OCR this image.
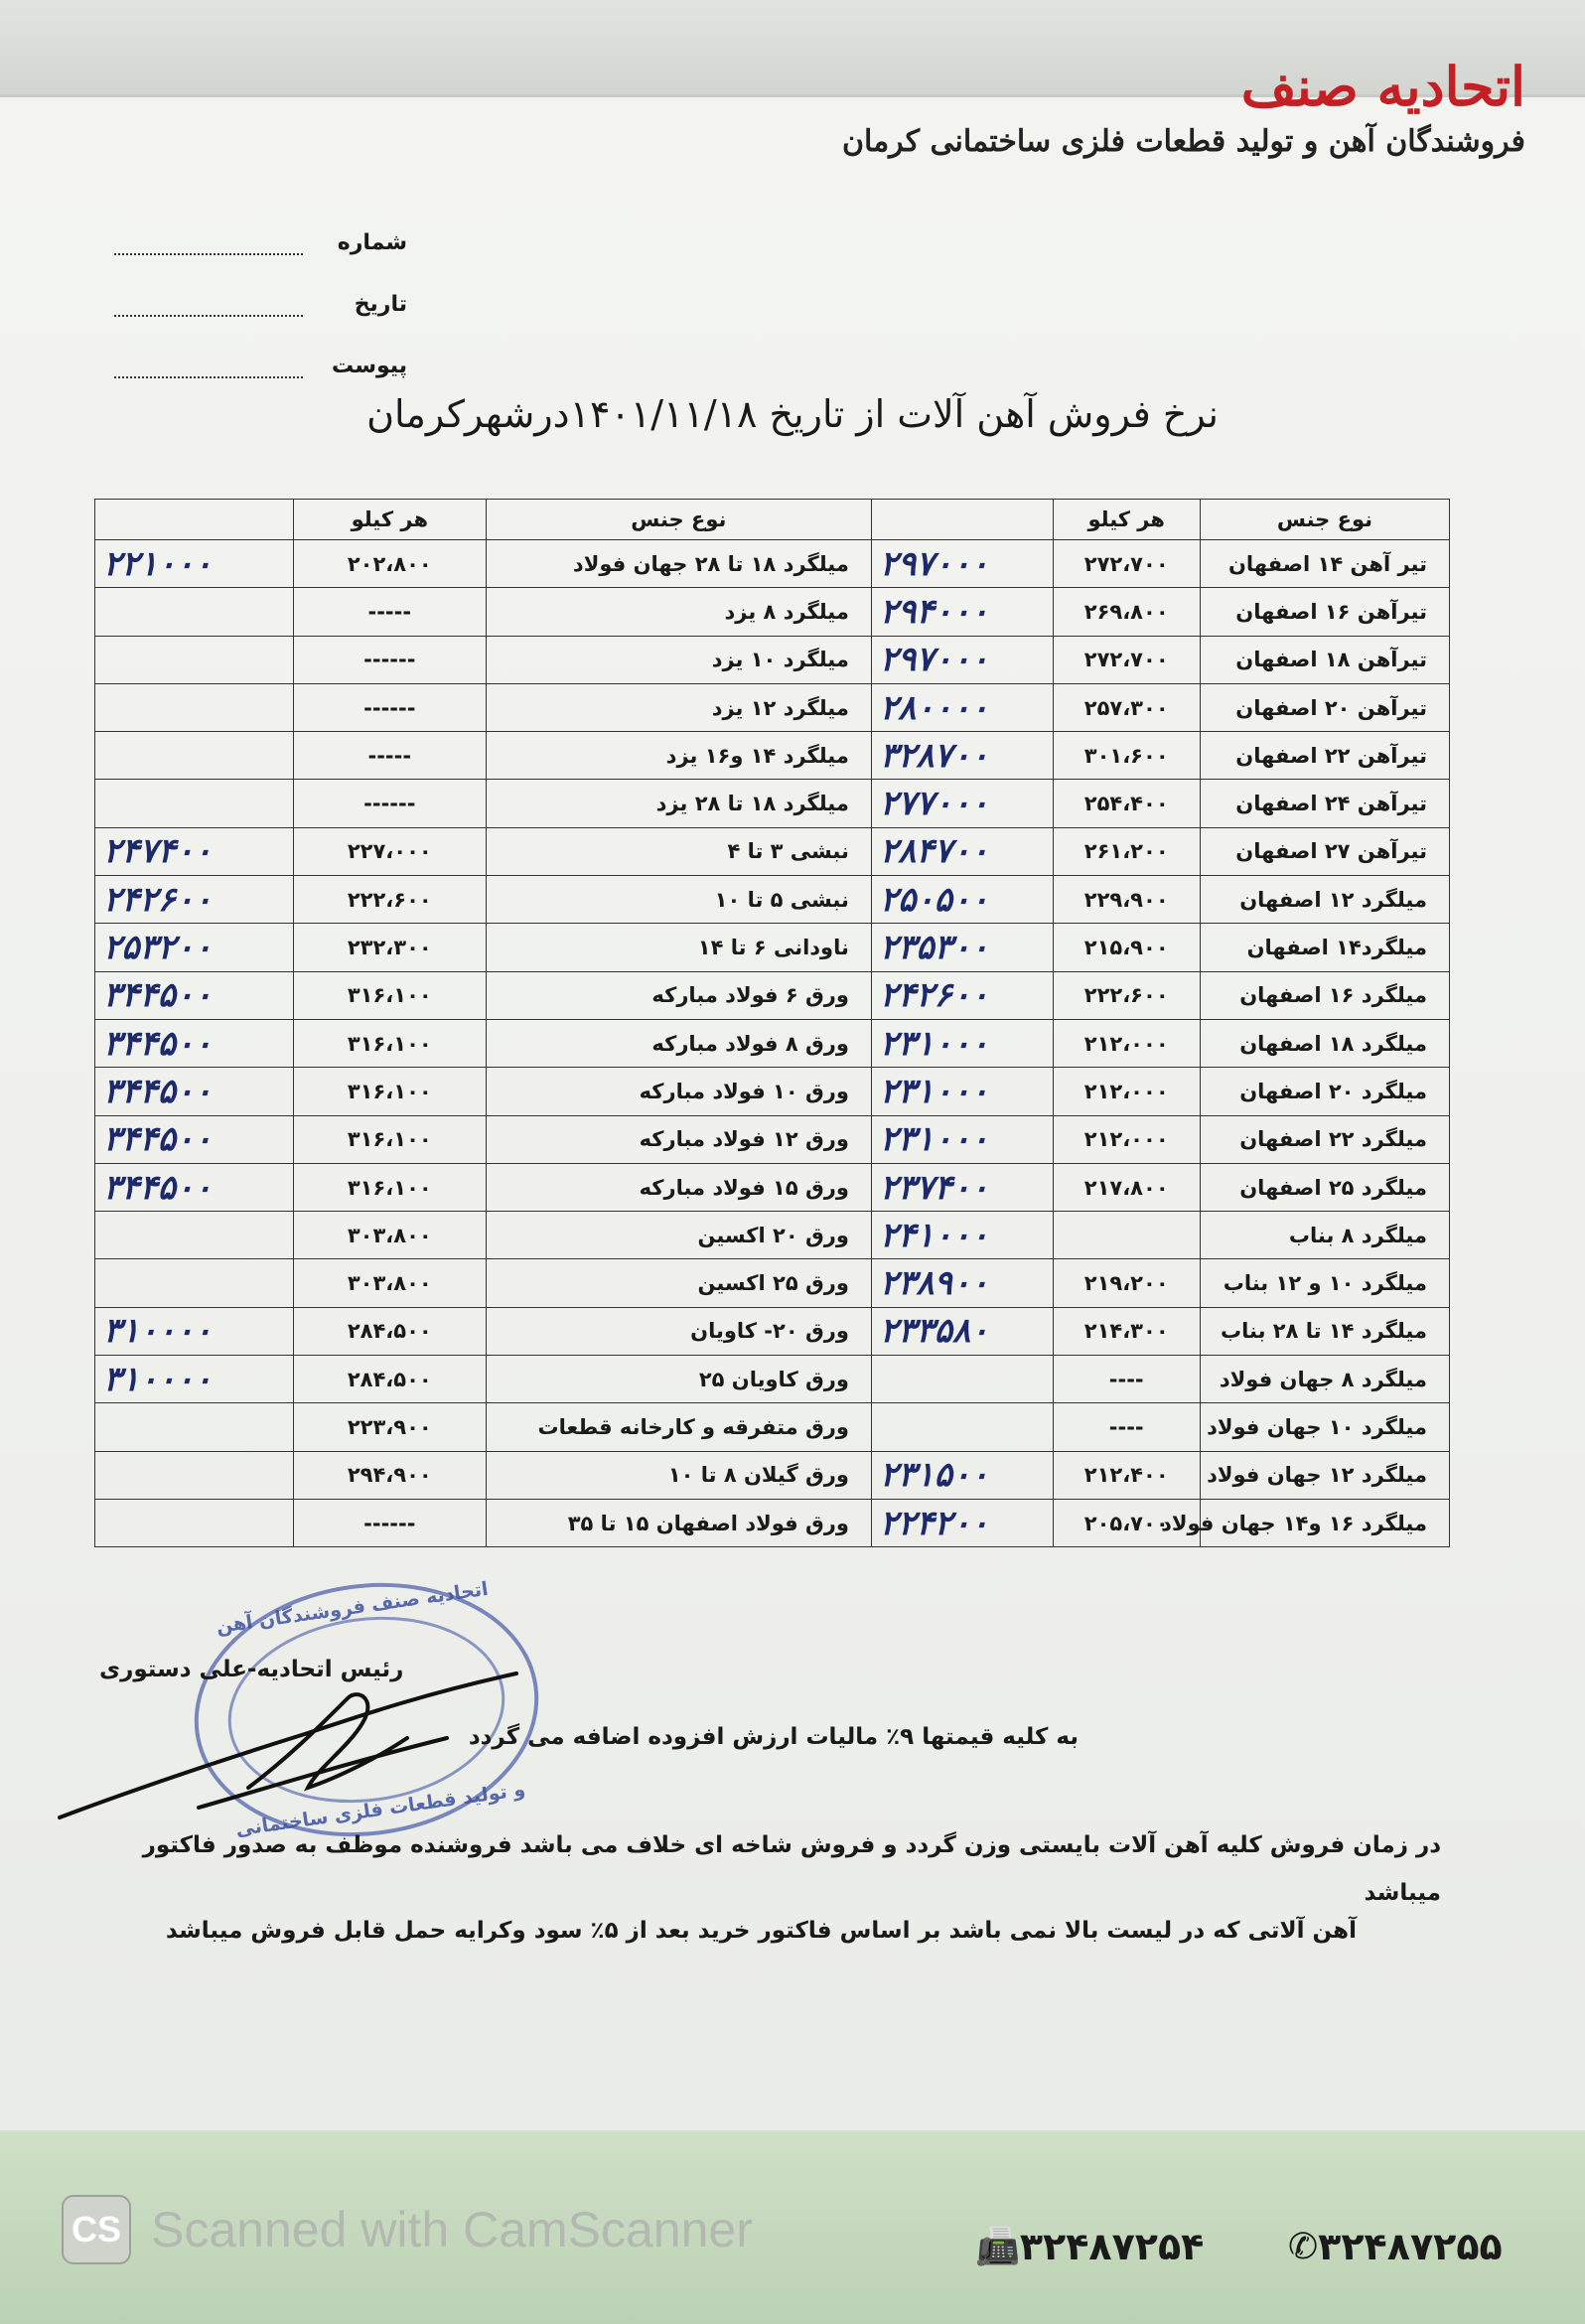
اتحادیه صنف
فروشندگان آهن و تولید قطعات فلزی ساختمانی کرمان
شماره
تاریخ
پیوست
نرخ فروش آهن آلات از تاریخ ۱۴۰۱/۱۱/۱۸درشهرکرمان
نوع جنس	هر کیلو		نوع جنس	هر کیلو	
تیر آهن ۱۴ اصفهان	۲۷۲،۷۰۰	۲۹۷۰۰۰	میلگرد ۱۸ تا ۲۸ جهان فولاد	۲۰۲،۸۰۰	۲۲۱۰۰۰
تیرآهن ۱۶ اصفهان	۲۶۹،۸۰۰	۲۹۴۰۰۰	میلگرد ۸ یزد	-----	
تیرآهن ۱۸ اصفهان	۲۷۲،۷۰۰	۲۹۷۰۰۰	میلگرد ۱۰ یزد	------	
تیرآهن ۲۰ اصفهان	۲۵۷،۳۰۰	۲۸۰۰۰۰	میلگرد ۱۲ یزد	------	
تیرآهن ۲۲ اصفهان	۳۰۱،۶۰۰	۳۲۸۷۰۰	میلگرد ۱۴ و۱۶ یزد	-----	
تیرآهن ۲۴ اصفهان	۲۵۴،۴۰۰	۲۷۷۰۰۰	میلگرد ۱۸ تا ۲۸ یزد	------	
تیرآهن ۲۷ اصفهان	۲۶۱،۲۰۰	۲۸۴۷۰۰	نبشی ۳ تا ۴	۲۲۷،۰۰۰	۲۴۷۴۰۰
میلگرد ۱۲ اصفهان	۲۲۹،۹۰۰	۲۵۰۵۰۰	نبشی ۵ تا ۱۰	۲۲۲،۶۰۰	۲۴۲۶۰۰
میلگرد۱۴ اصفهان	۲۱۵،۹۰۰	۲۳۵۳۰۰	ناودانی ۶ تا ۱۴	۲۳۲،۳۰۰	۲۵۳۲۰۰
میلگرد ۱۶ اصفهان	۲۲۲،۶۰۰	۲۴۲۶۰۰	ورق ۶ فولاد مبارکه	۳۱۶،۱۰۰	۳۴۴۵۰۰
میلگرد ۱۸ اصفهان	۲۱۲،۰۰۰	۲۳۱۰۰۰	ورق ۸ فولاد مبارکه	۳۱۶،۱۰۰	۳۴۴۵۰۰
میلگرد ۲۰ اصفهان	۲۱۲،۰۰۰	۲۳۱۰۰۰	ورق ۱۰ فولاد مبارکه	۳۱۶،۱۰۰	۳۴۴۵۰۰
میلگرد ۲۲ اصفهان	۲۱۲،۰۰۰	۲۳۱۰۰۰	ورق ۱۲ فولاد مبارکه	۳۱۶،۱۰۰	۳۴۴۵۰۰
میلگرد ۲۵ اصفهان	۲۱۷،۸۰۰	۲۳۷۴۰۰	ورق ۱۵ فولاد مبارکه	۳۱۶،۱۰۰	۳۴۴۵۰۰
میلگرد ۸ بناب		۲۴۱۰۰۰	ورق ۲۰ اکسین	۳۰۳،۸۰۰	
میلگرد ۱۰ و ۱۲ بناب	۲۱۹،۲۰۰	۲۳۸۹۰۰	ورق ۲۵ اکسین	۳۰۳،۸۰۰	
میلگرد ۱۴ تا ۲۸ بناب	۲۱۴،۳۰۰	۲۳۳۵۸۰	ورق ۲۰- کاویان	۲۸۴،۵۰۰	۳۱۰۰۰۰
میلگرد ۸ جهان فولاد	----		ورق کاویان ۲۵	۲۸۴،۵۰۰	۳۱۰۰۰۰
میلگرد ۱۰ جهان فولاد	----		ورق متفرقه و کارخانه قطعات	۲۲۳،۹۰۰	
میلگرد ۱۲ جهان فولاد	۲۱۲،۴۰۰	۲۳۱۵۰۰	ورق گیلان ۸ تا ۱۰	۲۹۴،۹۰۰	
میلگرد ۱۶ و۱۴ جهان فولاد	۲۰۵،۷۰۰	۲۲۴۲۰۰	ورق فولاد اصفهان ۱۵ تا ۳۵	------	
اتحادیه صنف فروشندگان آهن
و تولید قطعات فلزی ساختمانی
رئیس اتحادیه-علی دستوری
به کلیه قیمتها ۹٪ مالیات ارزش افزوده اضافه می گردد
در زمان فروش کلیه آهن آلات بایستی وزن گردد و فروش شاخه ای خلاف می باشد فروشنده موظف به صدور فاکتور میباشد
آهن آلاتی که در لیست بالا نمی باشد بر اساس فاکتور خرید بعد از ۵٪ سود وکرایه حمل قابل فروش میباشد
CS Scanned with CamScanner	📠 ۳۲۴۸۷۲۵۴ ✆ ۳۲۴۸۷۲۵۵
